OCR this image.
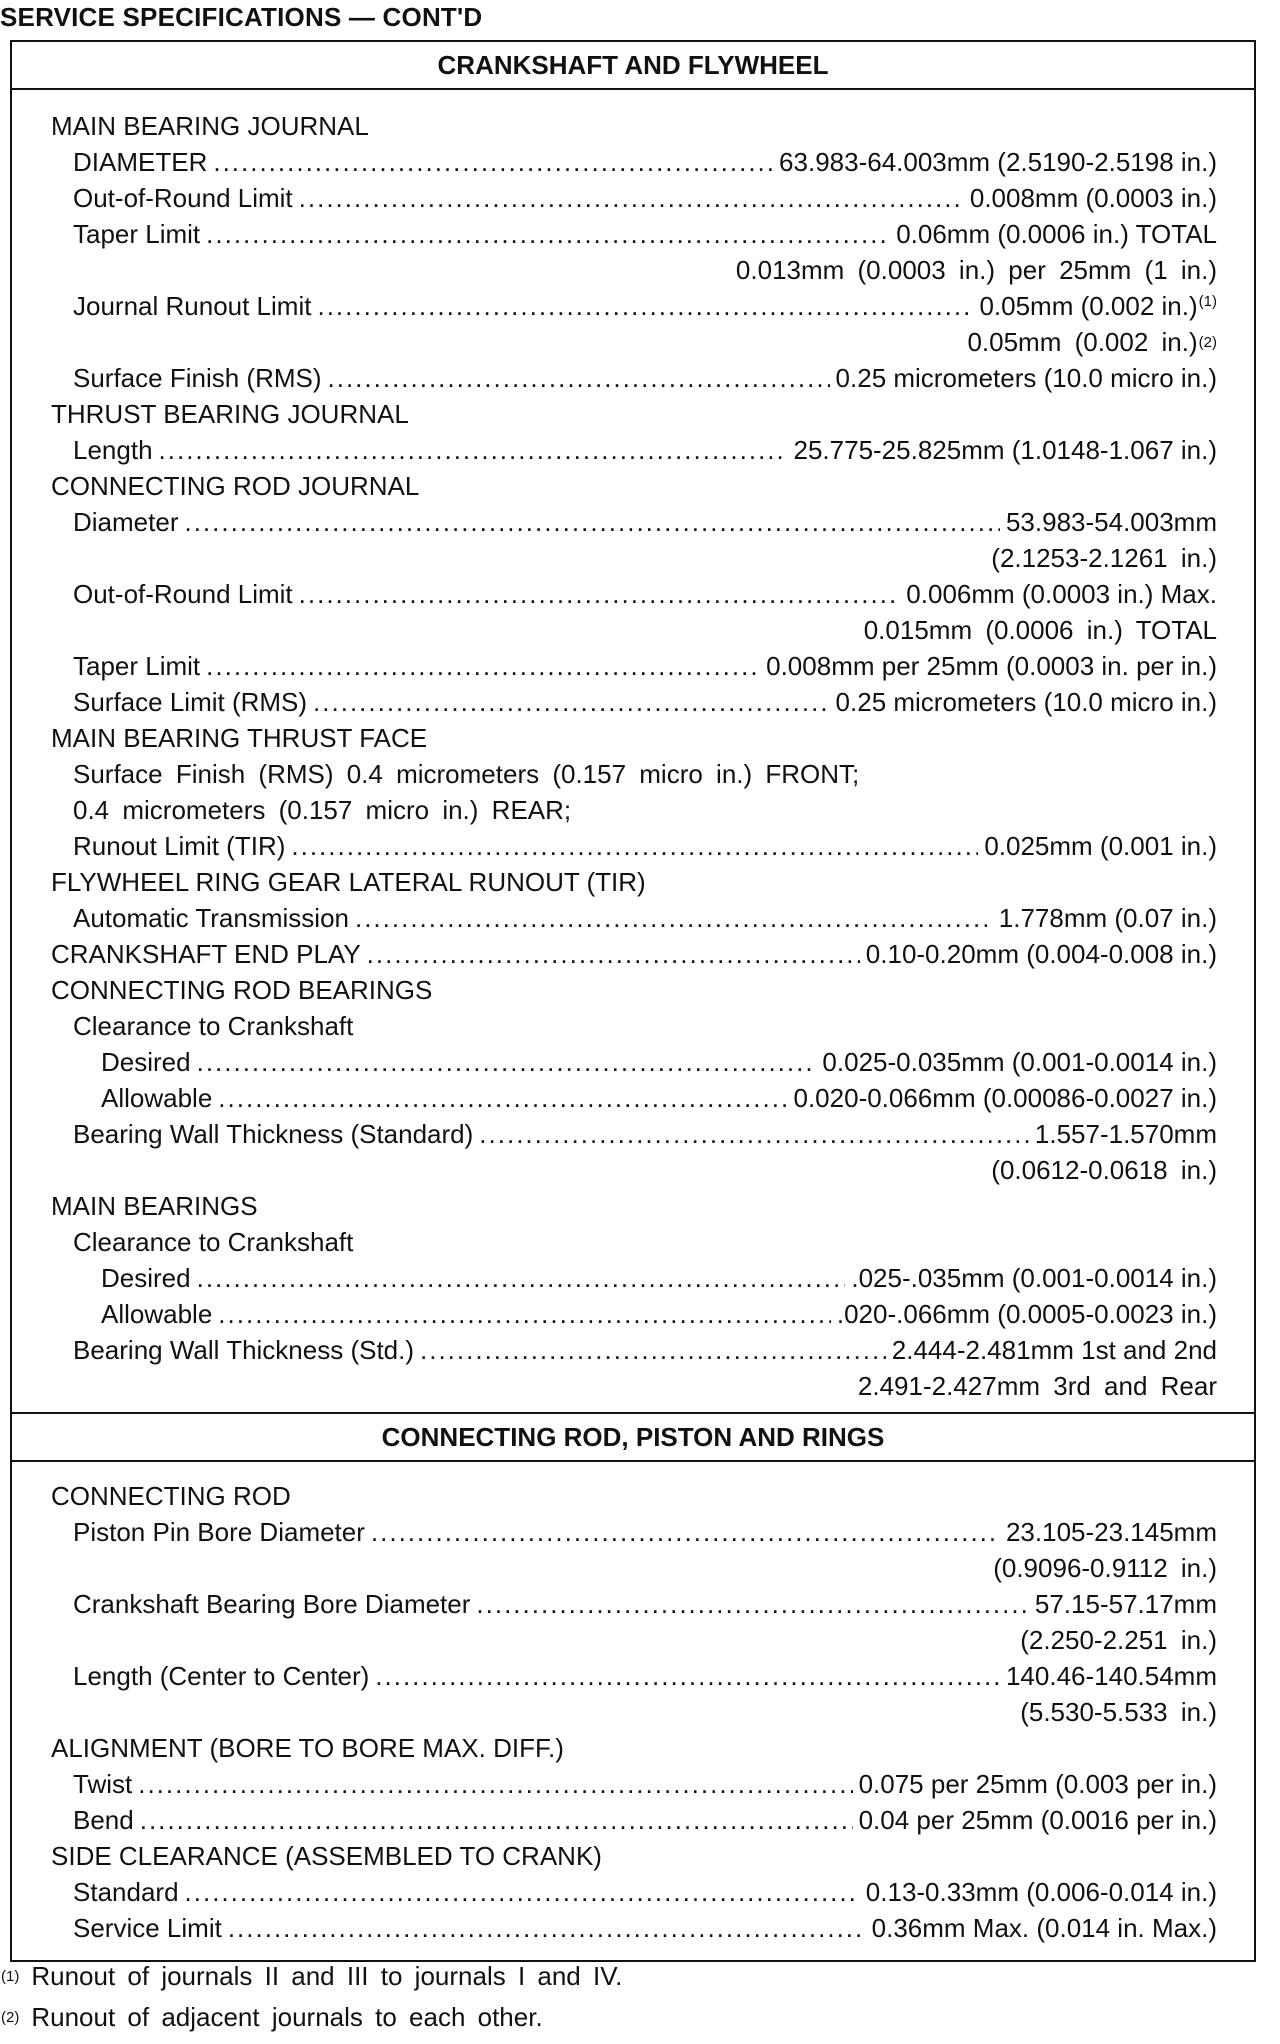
SERVICE SPECIFICATIONS — CONT'D
CRANKSHAFT AND FLYWHEEL
MAIN BEARING JOURNAL
DIAMETER .....	63.983-64.003mm (2.5190-2.5198 in.)
Out-of-Round Limit .....	0.008mm (0.0003 in.)
Taper Limit .....	0.06mm (0.0006 in.) TOTAL
0.013mm (0.0003 in.) per 25mm (1 in.)
Journal Runout Limit .....	0.05mm (0.002 in.)$^{(1)}$
0.05mm (0.002 in.) (2)
Surface Finish (RMS) .....	0.25 micrometers (10.0 micro in.)
THRUST BEARING JOURNAL
Length .....	25.775-25.825mm (1.0148-1.067 in.)
CONNECTING ROD JOURNAL
Diameter .....	53.983-54.003mm
(2.1253-2.1261 in.)
Out-of-Round Limit .....	0.006mm (0.0003 in.) Max.
0.015mm (0.0006 in.) TOTAL
Taper Limit .....	0.008mm per 25mm (0.0003 in. per in.)
Surface Limit (RMS) .....	0.25 micrometers (10.0 micro in.)
MAIN BEARING THRUST FACE
Surface Finish (RMS) 0.4 micrometers (0.157 micro in.) FRONT;
0.4 micrometers (0.157 micro in.) REAR;
Runout Limit (TIR) .....	0.025mm (0.001 in.)
FLYWHEEL RING GEAR LATERAL RUNOUT (TIR)
Automatic Transmission .....	1.778mm (0.07 in.)
CRANKSHAFT END PLAY .....	0.10-0.20mm (0.004-0.008 in.)
CONNECTING ROD BEARINGS
Clearance to Crankshaft
Desired .....	0.025-0.035mm (0.001-0.0014 in.)
Allowable .....	0.020-0.066mm (0.00086-0.0027 in.)
Bearing Wall Thickness (Standard) .....	1.557-1.570mm
(0.0612-0.0618 in.)
MAIN BEARINGS
Clearance to Crankshaft
Desired .....	.025-.035mm (0.001-0.0014 in.)
Allowable .....	.020-.066mm (0.0005-0.0023 in.)
Bearing Wall Thickness (Std.) .....	2.444-2.481mm 1st and 2nd
2.491-2.427mm 3rd and Rear
CONNECTING ROD, PISTON AND RINGS
CONNECTING ROD
Piston Pin Bore Diameter .....	23.105-23.145mm
(0.9096-0.9112 in.)
Crankshaft Bearing Bore Diameter .....	57.15-57.17mm
(2.250-2.251 in.)
Length (Center to Center) .....	140.46-140.54mm
(5.530-5.533 in.)
ALIGNMENT (BORE TO BORE MAX. DIFF.)
Twist .....	0.075 per 25mm (0.003 per in.)
Bend .....	0.04 per 25mm (0.0016 per in.)
SIDE CLEARANCE (ASSEMBLED TO CRANK)
Standard .....	0.13-0.33mm (0.006-0.014 in.)
Service Limit .....	0.36mm Max. (0.014 in. Max.)
(1) Runout of journals II and III to journals I and IV.
(2) Runout of adjacent journals to each other.
